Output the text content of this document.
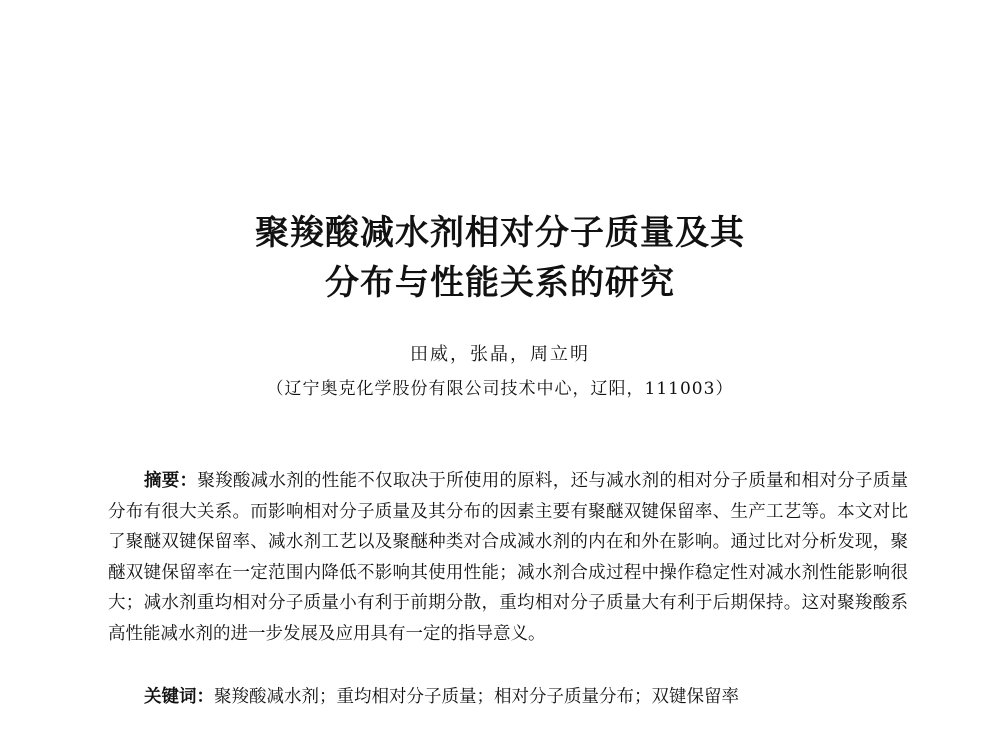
聚羧酸减水剂相对分子质量及其
分布与性能关系的研究
田威，张晶，周立明
（辽宁奥克化学股份有限公司技术中心，辽阳，111003）

摘要：聚羧酸减水剂的性能不仅取决于所使用的原料，还与减水剂的相对分子质量和相对分子质量分布有很大关系。而影响相对分子质量及其分布的因素主要有聚醚双键保留率、生产工艺等。本文对比了聚醚双键保留率、减水剂工艺以及聚醚种类对合成减水剂的内在和外在影响。通过比对分析发现，聚醚双键保留率在一定范围内降低不影响其使用性能；减水剂合成过程中操作稳定性对减水剂性能影响很大；减水剂重均相对分子质量小有利于前期分散，重均相对分子质量大有利于后期保持。这对聚羧酸系高性能减水剂的进一步发展及应用具有一定的指导意义。

关键词：聚羧酸减水剂；重均相对分子质量；相对分子质量分布；双键保留率
